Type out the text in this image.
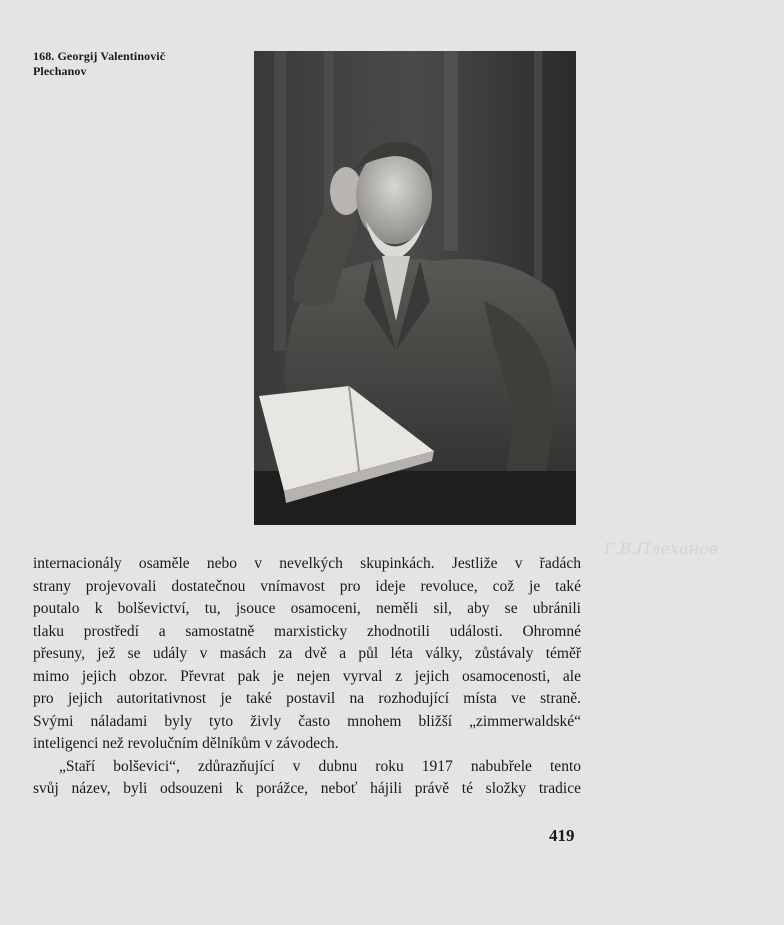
168. Georgij Valentinovič
Plechanov
Г.В.Плеханов
internacionály osaměle nebo v nevelkých skupinkách. Jestliže v řadách
strany projevovali dostatečnou vnímavost pro ideje revoluce, což je také
poutalo k bolševictví, tu, jsouce osamoceni, neměli sil, aby se ubránili
tlaku prostředí a samostatně marxisticky zhodnotili události. Ohromné
přesuny, jež se udály v masách za dvě a půl léta války, zůstávaly téměř
mimo jejich obzor. Převrat pak je nejen vyrval z jejich osamocenosti, ale
pro jejich autoritativnost je také postavil na rozhodující místa ve straně.
Svými náladami byly tyto živly často mnohem bližší „zimmerwaldské“
inteligenci než revolučním dělníkům v závodech.
„Staří bolševici“, zdůrazňující v dubnu roku 1917 nabubřele tento
svůj název, byli odsouzeni k porážce, neboť hájili právě té složky tradice
419
